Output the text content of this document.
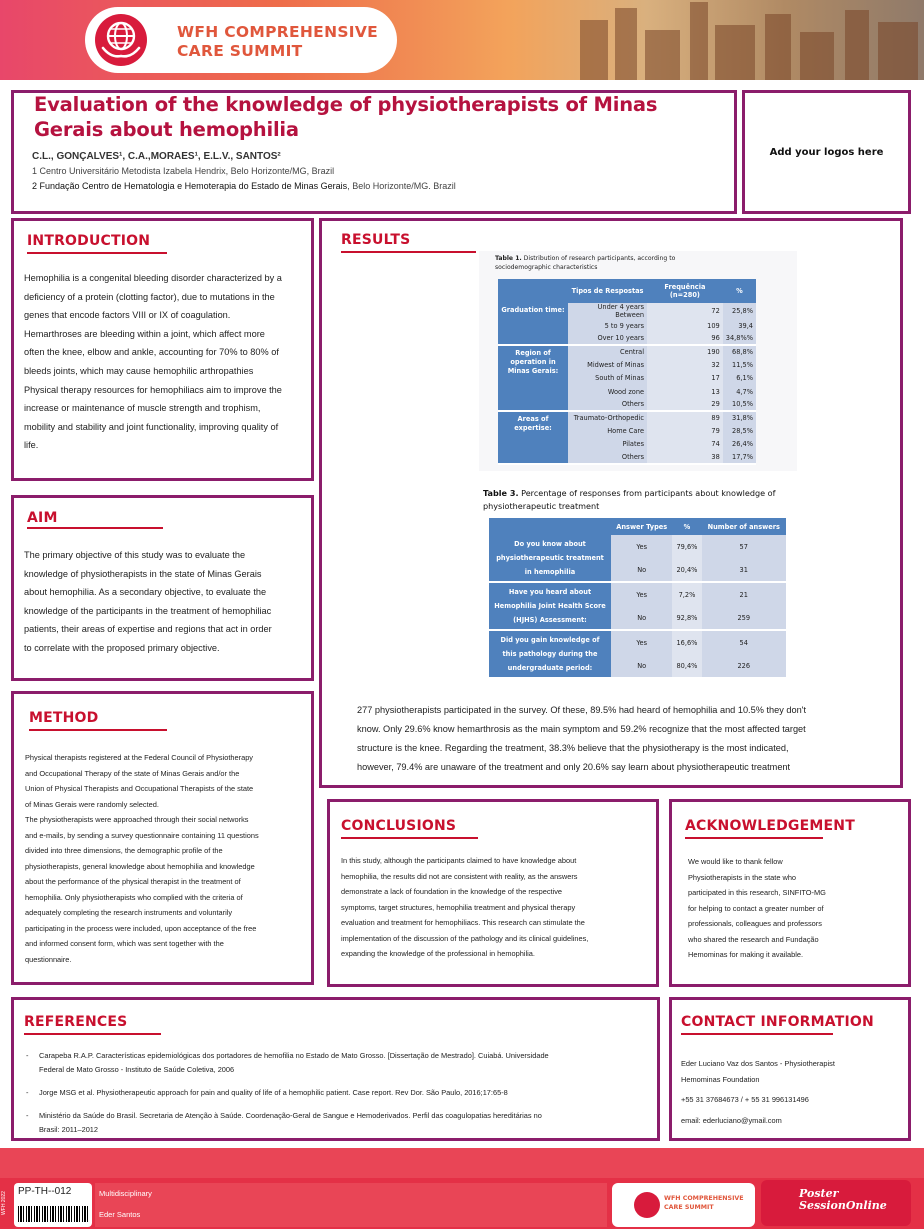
WFH COMPREHENSIVE
CARE SUMMIT
Evaluation of the knowledge of physiotherapists of Minas
Gerais about hemophilia
C.L., GONÇALVES¹, C.A.,MORAES¹, E.L.V., SANTOS²
1 Centro Universitário Metodista Izabela Hendrix, Belo Horizonte/MG, Brazil
2 Fundação Centro de Hematologia e Hemoterapia do Estado de Minas Gerais, Belo Horizonte/MG. Brazil
Add your logos here
INTRODUCTION
Hemophilia is a congenital bleeding disorder characterized by a
deficiency of a protein (clotting factor), due to mutations in the
genes that encode factors VIII or IX of coagulation.
Hemarthroses are bleeding within a joint, which affect more
often the knee, elbow and ankle, accounting for 70% to 80% of
bleeds joints, which may cause hemophilic arthropathies
Physical therapy resources for hemophiliacs aim to improve the
increase or maintenance of muscle strength and trophism,
mobility and stability and joint functionality, improving quality of
life.
AIM
The primary objective of this study was to evaluate the
knowledge of physiotherapists in the state of Minas Gerais
about hemophilia. As a secondary objective, to evaluate the
knowledge of the participants in the treatment of hemophiliac
patients, their areas of expertise and regions that act in order
to correlate with the proposed primary objective.
METHOD
Physical therapists registered at the Federal Council of Physiotherapy
and Occupational Therapy of the state of Minas Gerais and/or the
Union of Physical Therapists and Occupational Therapists of the state
of Minas Gerais were randomly selected.
The physiotherapists were approached through their social networks
and e-mails, by sending a survey questionnaire containing 11 questions
divided into three dimensions, the demographic profile of the
physiotherapists, general knowledge about hemophilia and knowledge
about the performance of the physical therapist in the treatment of
hemophilia. Only physiotherapists who complied with the criteria of
adequately completing the research instruments and voluntarily
participating in the process were included, upon acceptance of the free
and informed consent form, which was sent together with the
questionnaire.
RESULTS
Table 1. Distribution of research participants, according to
sociodemographic characteristics
	Tipos de Respostas	Frequência (n=280)	%
Graduation time:	Under 4 years Between	72	25,8%
	5 to 9 years	109	39,4
	Over 10 years	96	34,8%%
Region of operation in Minas Gerais:	Central	190	68,8%
	Midwest of Minas	32	11,5%
	South of Minas	17	6,1%
	Wood zone	13	4,7%
	Others	29	10,5%
Areas of expertise:	Traumato-Orthopedic	89	31,8%
	Home Care	79	28,5%
	Pilates	74	26,4%
	Others	38	17,7%
Table 3. Percentage of responses from participants about knowledge of
physiotherapeutic treatment
	Answer Types	%	Number of answers
Do you know about physiotherapeutic treatment in hemophilia	Yes	79,6%	57
	No	20,4%	31
Have you heard about Hemophilia Joint Health Score (HJHS) Assessment:	Yes	7,2%	21
	No	92,8%	259
Did you gain knowledge of this pathology during the undergraduate period:	Yes	16,6%	54
	No	80,4%	226
277 physiotherapists participated in the survey. Of these, 89.5% had heard of hemophilia and 10.5% they don't
know. Only 29.6% know hemarthrosis as the main symptom and 59.2% recognize that the most affected target
structure is the knee. Regarding the treatment, 38.3% believe that the physiotherapy is the most indicated,
however, 79.4% are unaware of the treatment and only 20.6% say learn about physiotherapeutic treatment
CONCLUSIONS
In this study, although the participants claimed to have knowledge about
hemophilia, the results did not are consistent with reality, as the answers
demonstrate a lack of foundation in the knowledge of the respective
symptoms, target structures, hemophilia treatment and physical therapy
evaluation and treatment for hemophiliacs. This research can stimulate the
implementation of the discussion of the pathology and its clinical guidelines,
expanding the knowledge of the professional in hemophilia.
ACKNOWLEDGEMENT
We would like to thank fellow
Physiotherapists in the state who
participated in this research, SINFITO-MG
for helping to contact a greater number of
professionals, colleagues and professors
who shared the research and Fundação
Hemominas for making it available.
REFERENCES
- Carapeba R.A.P. Características epidemiológicas dos portadores de hemofilia no Estado de Mato Grosso. [Dissertação de Mestrado]. Cuiabá. Universidade
Federal de Mato Grosso - Instituto de Saúde Coletiva, 2006
- Jorge MSG et al. Physiotherapeutic approach for pain and quality of life of a hemophilic patient. Case report. Rev Dor. São Paulo, 2016;17:65-8
- Ministério da Saúde do Brasil. Secretaria de Atenção à Saúde. Coordenação-Geral de Sangue e Hemoderivados. Perfil das coagulopatias hereditárias no
Brasil: 2011–2012
CONTACT INFORMATION
Eder Luciano Vaz dos Santos - Physiotherapist
Hemominas Foundation
+55 31 37684673 / + 55 31 996131496
email: ederluciano@ymail.com
WFH 2022 PP-TH--012	Multidisciplinary
Eder Santos
WFH COMPREHENSIVE
CARE SUMMIT
Poster
SessionOnline
